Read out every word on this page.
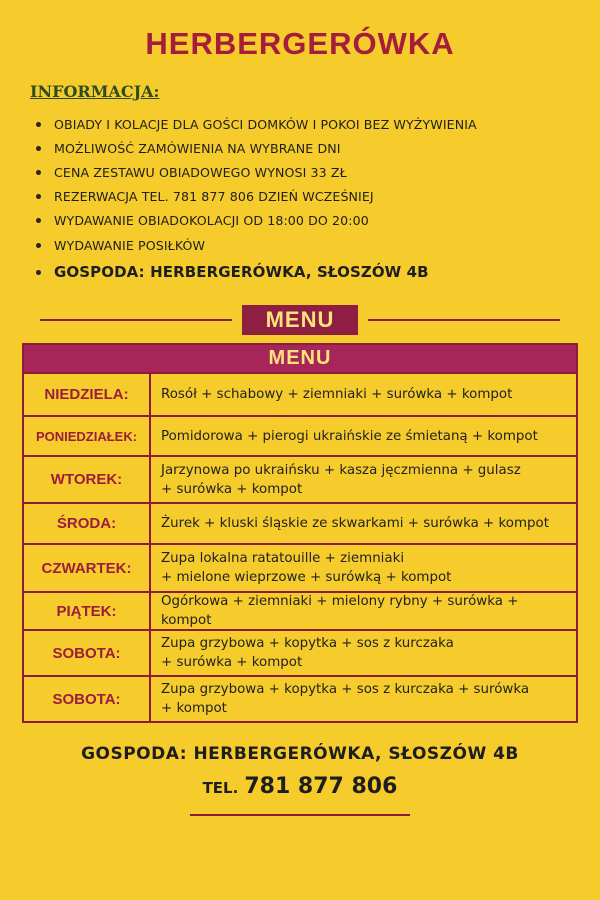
HERBERGERÓWKA
INFORMACJA:
OBIADY I KOLACJE DLA GOŚCI DOMKÓW I POKOI BEZ WYŻYWIENIA
MOŻLIWOŚĆ ZAMÓWIENIA NA WYBRANE DNI
CENA ZESTAWU OBIADOWEGO WYNOSI 33 ZŁ
REZERWACJA TEL. 781 877 806 DZIEŃ WCZEŚNIEJ
WYDAWANIE OBIADOKOLACJI OD 18:00 DO 20:00
WYDAWANIE POSIŁKÓW
GOSPODA: HERBERGERÓWKA, SŁOSZÓW 4B
MENU
MENU
NIEDZIELA:	Rosół + schabowy + ziemniaki + surówka + kompot
PONIEDZIAŁEK:	Pomidorowa + pierogi ukraińskie ze śmietaną + kompot
WTOREK:
Jarzynowa po ukraińsku + kasza jęczmienna + gulasz
+ surówka + kompot
ŚRODA:	Żurek + kluski śląskie ze skwarkami + surówka + kompot
CZWARTEK:
Zupa lokalna ratatouille + ziemniaki
+ mielone wieprzowe + surówką + kompot
PIĄTEK:
Ogórkowa + ziemniaki + mielony rybny + surówka + kompot
SOBOTA:
Zupa grzybowa + kopytka + sos z kurczaka
+ surówka + kompot
SOBOTA:
Zupa grzybowa + kopytka + sos z kurczaka + surówka
+ kompot
GOSPODA: HERBERGERÓWKA, SŁOSZÓW 4B
TEL. 781 877 806
